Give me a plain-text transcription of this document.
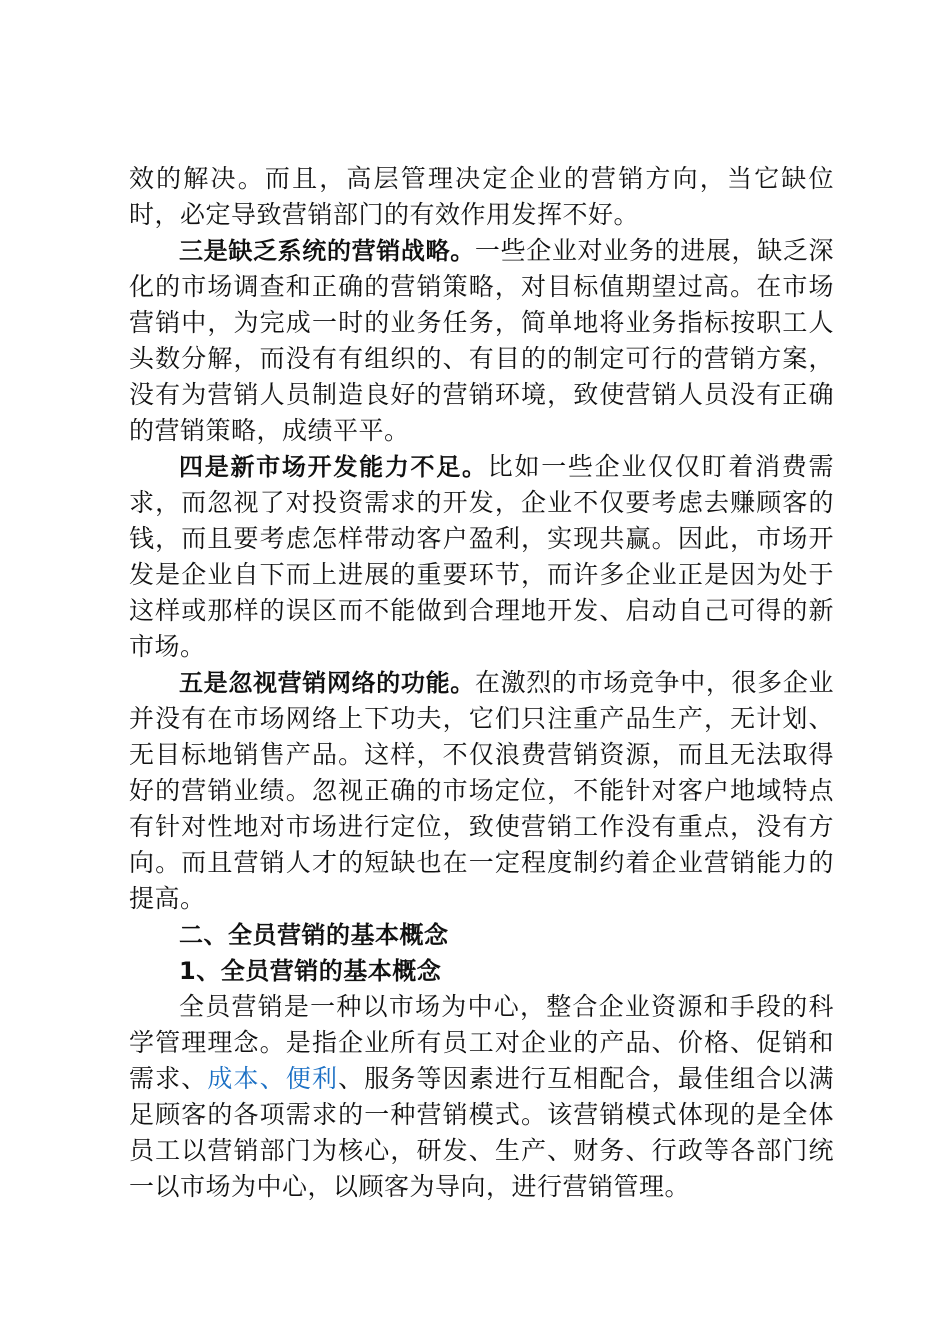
效的解决。而且，高层管理决定企业的营销方向，当它缺位时，必定导致营销部门的有效作用发挥不好。

三是缺乏系统的营销战略。一些企业对业务的进展，缺乏深化的市场调查和正确的营销策略，对目标值期望过高。在市场营销中，为完成一时的业务任务，简单地将业务指标按职工人头数分解，而没有有组织的、有目的的制定可行的营销方案，没有为营销人员制造良好的营销环境，致使营销人员没有正确的营销策略，成绩平平。

四是新市场开发能力不足。比如一些企业仅仅盯着消费需求，而忽视了对投资需求的开发，企业不仅要考虑去赚顾客的钱，而且要考虑怎样带动客户盈利，实现共赢。因此，市场开发是企业自下而上进展的重要环节，而许多企业正是因为处于这样或那样的误区而不能做到合理地开发、启动自己可得的新市场。

五是忽视营销网络的功能。在激烈的市场竞争中，很多企业并没有在市场网络上下功夫，它们只注重产品生产，无计划、无目标地销售产品。这样，不仅浪费营销资源，而且无法取得好的营销业绩。忽视正确的市场定位，不能针对客户地域特点有针对性地对市场进行定位，致使营销工作没有重点，没有方向。而且营销人才的短缺也在一定程度制约着企业营销能力的提高。

二、全员营销的基本概念
1、全员营销的基本概念

全员营销是一种以市场为中心，整合企业资源和手段的科学管理理念。是指企业所有员工对企业的产品、价格、促销和需求、成本、便利、服务等因素进行互相配合，最佳组合以满足顾客的各项需求的一种营销模式。该营销模式体现的是全体员工以营销部门为核心，研发、生产、财务、行政等各部门统一以市场为中心，以顾客为导向，进行营销管理。
